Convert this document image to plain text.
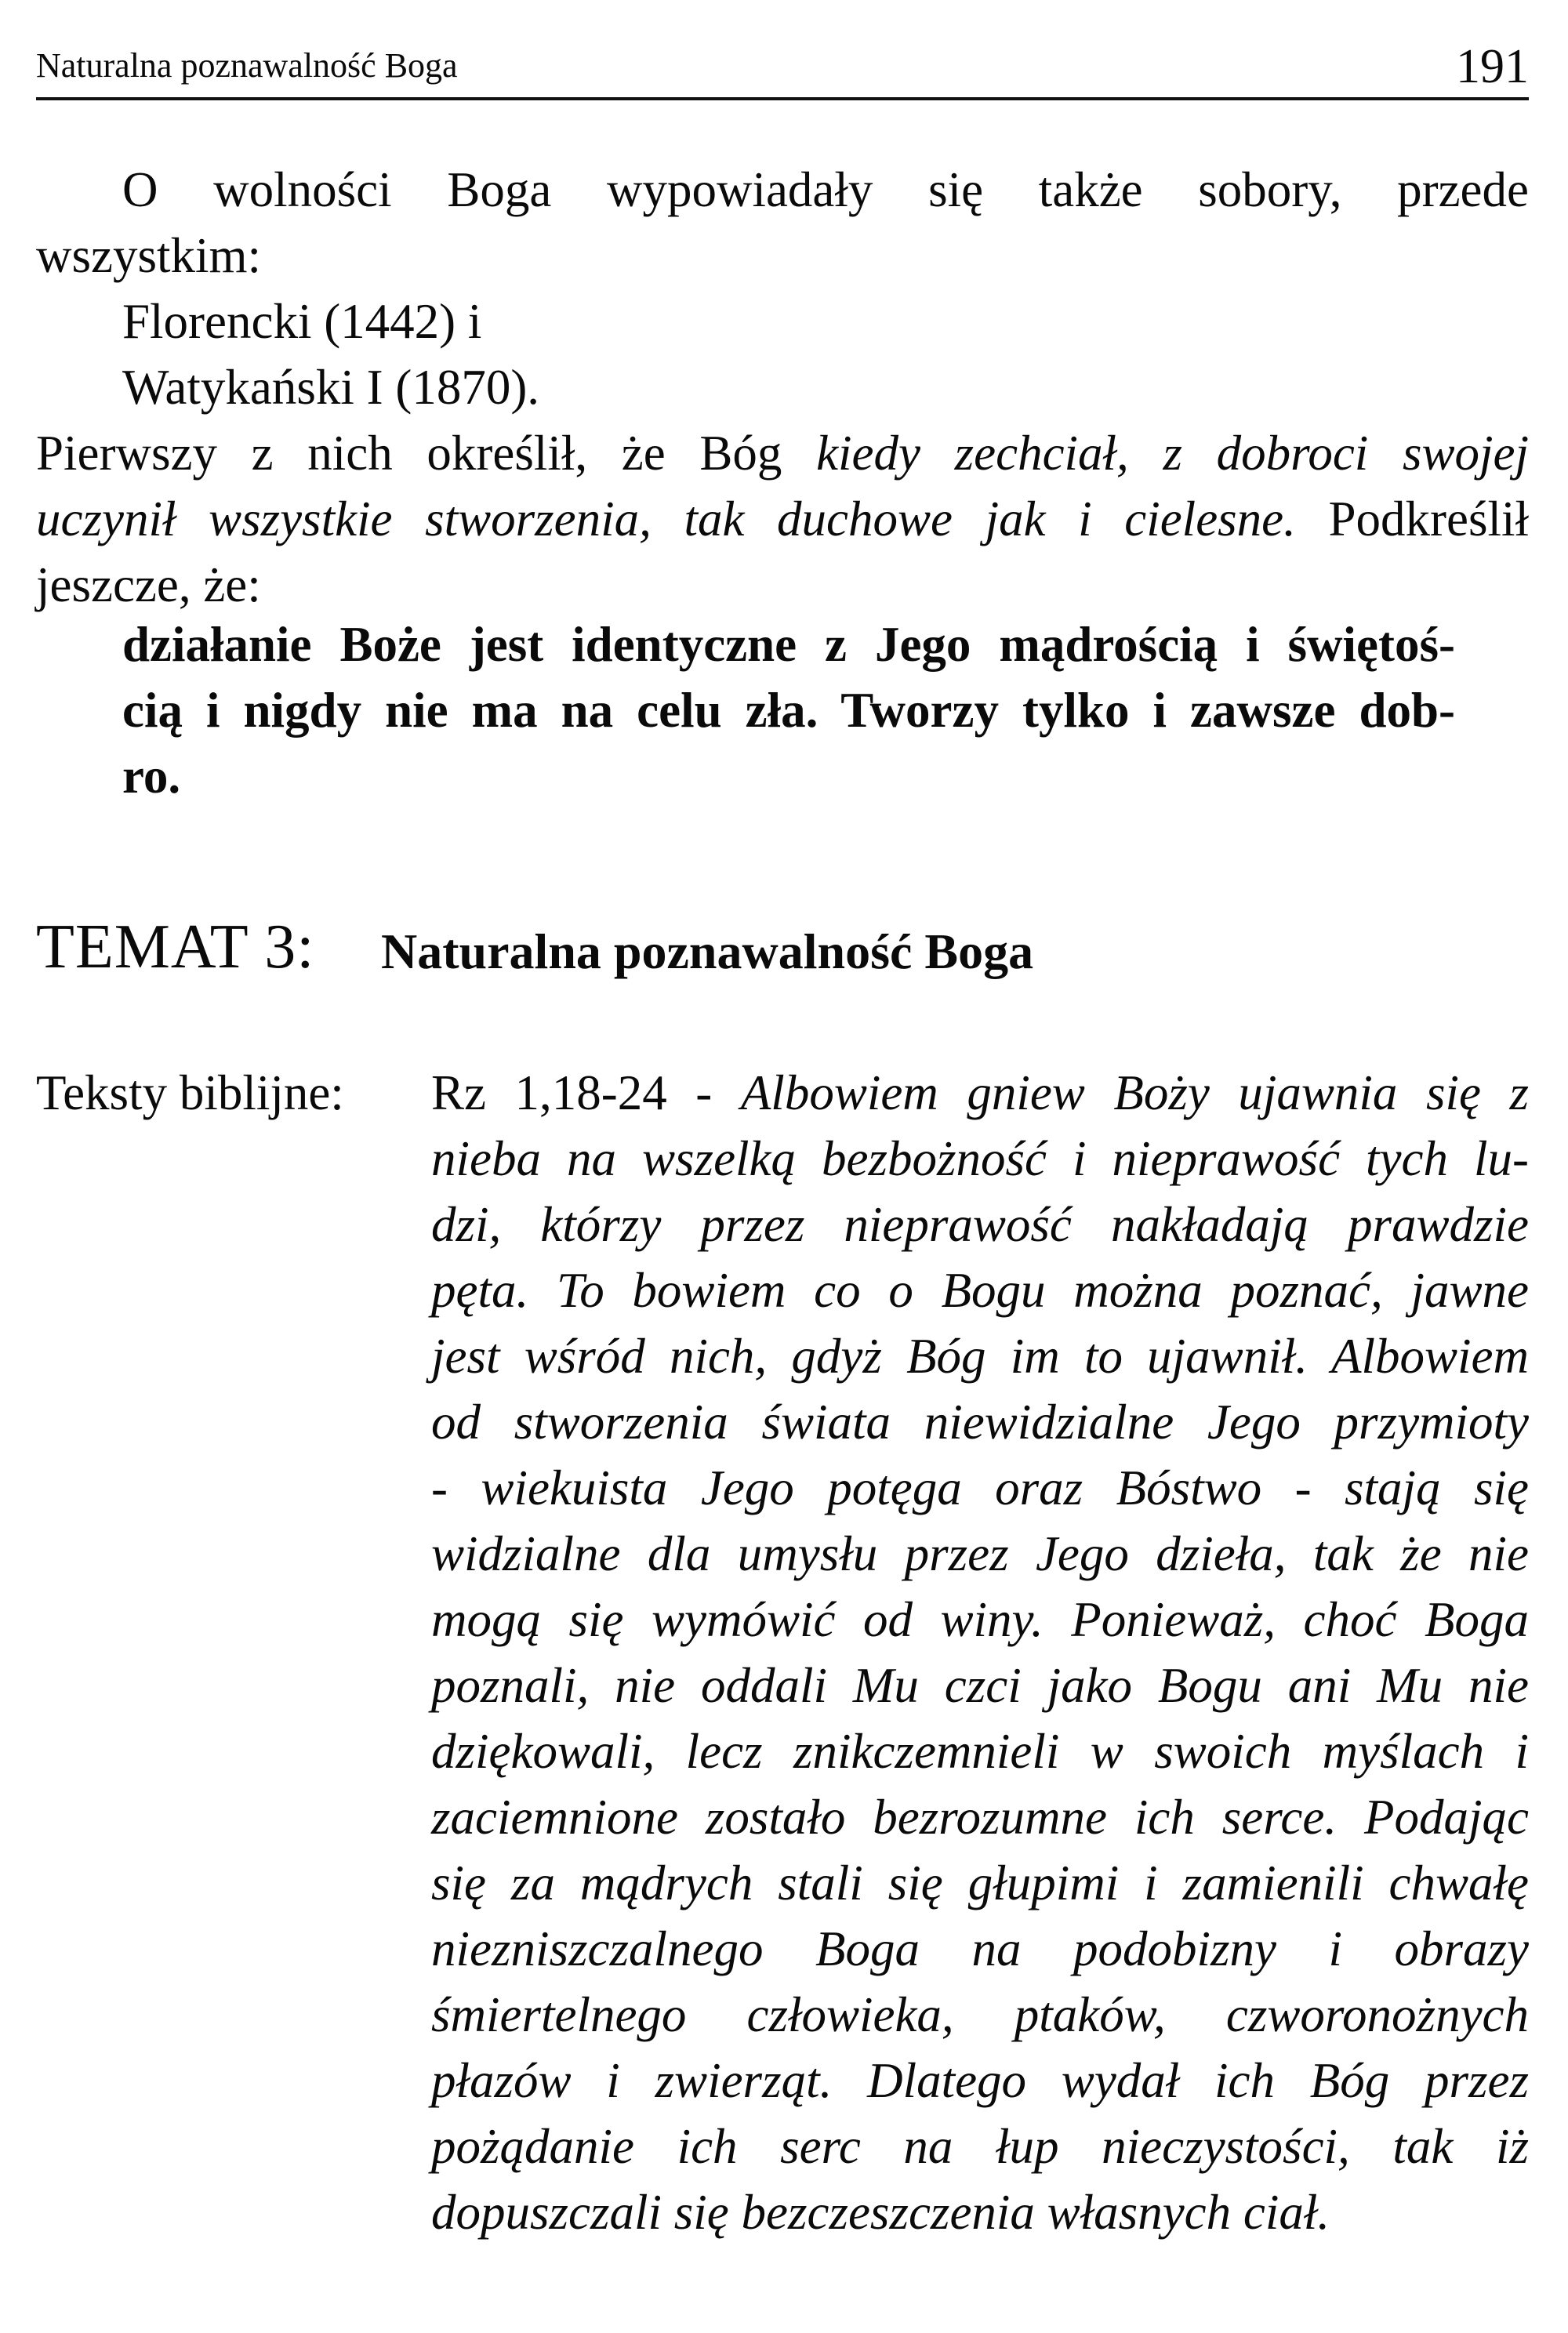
Naturalna poznawalność Boga	191
O wolności Boga wypowiadały się także sobory, przede
wszystkim:
Florencki (1442) i
Watykański I (1870).
Pierwszy z nich określił, że Bóg kiedy zechciał, z dobroci swojej
uczynił wszystkie stworzenia, tak duchowe jak i cielesne. Podkreślił
jeszcze, że:
działanie Boże jest identyczne z Jego mądrością i świętoś-
cią i nigdy nie ma na celu zła. Tworzy tylko i zawsze dob-
ro.
TEMAT 3: Naturalna poznawalność Boga
Teksty biblijne: Rz 1,18-24 - Albowiem gniew Boży ujawnia się z
nieba na wszelką bezbożność i nieprawość tych lu-
dzi, którzy przez nieprawość nakładają prawdzie
pęta. To bowiem co o Bogu można poznać, jawne
jest wśród nich, gdyż Bóg im to ujawnił. Albowiem
od stworzenia świata niewidzialne Jego przymioty
- wiekuista Jego potęga oraz Bóstwo - stają się
widzialne dla umysłu przez Jego dzieła, tak że nie
mogą się wymówić od winy. Ponieważ, choć Boga
poznali, nie oddali Mu czci jako Bogu ani Mu nie
dziękowali, lecz znikczemnieli w swoich myślach i
zaciemnione zostało bezrozumne ich serce. Podając
się za mądrych stali się głupimi i zamienili chwałę
niezniszczalnego Boga na podobizny i obrazy
śmiertelnego człowieka, ptaków, czworonożnych
płazów i zwierząt. Dlatego wydał ich Bóg przez
pożądanie ich serc na łup nieczystości, tak iż
dopuszczali się bezczeszczenia własnych ciał.
